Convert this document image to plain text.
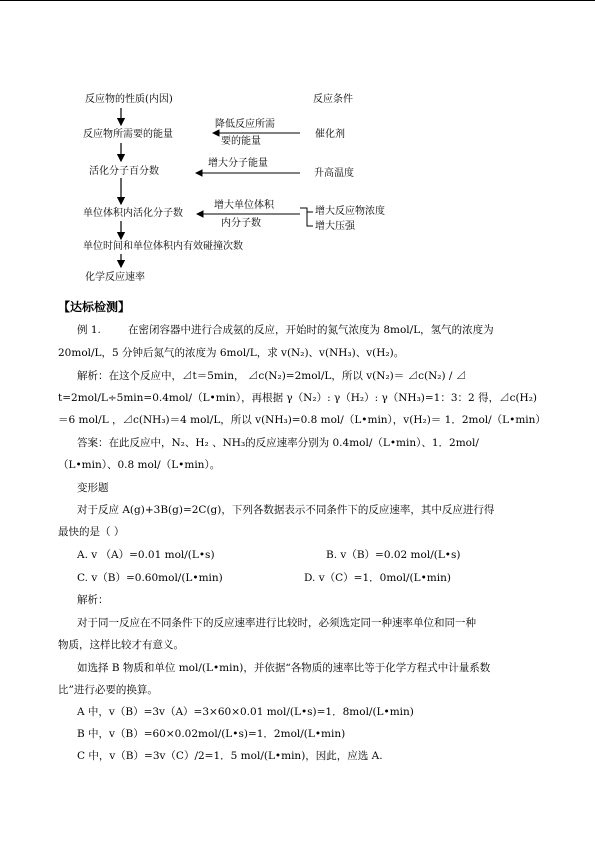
反应物的性质(内因)
反应物所需要的能量
活化分子百分数
单位体积内活化分子数
单位时间和单位体积内有效碰撞次数
化学反应速率
反应条件
催化剂
升高温度
增大反应物浓度
增大压强
降低反应所需
要的能量
增大分子能量
增大单位体积
内分子数
【达标检测】
例 1.	在密闭容器中进行合成氨的反应，开始时的氮气浓度为 8mol/L，氢气的浓度为
20mol/L，5 分钟后氮气的浓度为 6mol/L，求 v(N₂)、v(NH₃)、v(H₂)。
解析：在这个反应中，⊿t＝5min， ⊿c(N₂)=2mol/L，所以 v(N₂)＝ ⊿c(N₂) / ⊿
t=2mol/L÷5min=0.4mol/（L•min），再根据 γ（N₂）: γ（H₂）: γ（NH₃)=1：3：2 得，⊿c(H₂)
＝6 mol/L ，⊿c(NH₃)＝4 mol/L，所以 v(NH₃)=0.8 mol/（L•min），v(H₂)＝ 1．2mol/（L•min）
答案：在此反应中，N₂、H₂ 、NH₃的反应速率分别为 0.4mol/（L•min）、1．2mol/
（L•min）、0.8 mol/（L•min）。
变形题
对于反应 A(g)+3B(g)=2C(g)，下列各数据表示不同条件下的反应速率，其中反应进行得
最快的是（ ）
A. v （A）=0.01 mol/(L•s)	B. v（B）=0.02 mol/(L•s)
C. v（B）=0.60mol/(L•min)	D. v（C）=1．0mol/(L•min)
解析：
对于同一反应在不同条件下的反应速率进行比较时，必须选定同一种速率单位和同一种
物质，这样比较才有意义。
如选择 B 物质和单位 mol/(L•min)，并依据“各物质的速率比等于化学方程式中计量系数
比”进行必要的换算。
A 中，v（B）=3v（A）=3×60×0.01 mol/(L•s)=1．8mol/(L•min)
B 中，v（B）=60×0.02mol/(L•s)=1．2mol/(L•min)
C 中，v（B）=3v（C）/2=1．5 mol/(L•min)，因此，应选 A.
